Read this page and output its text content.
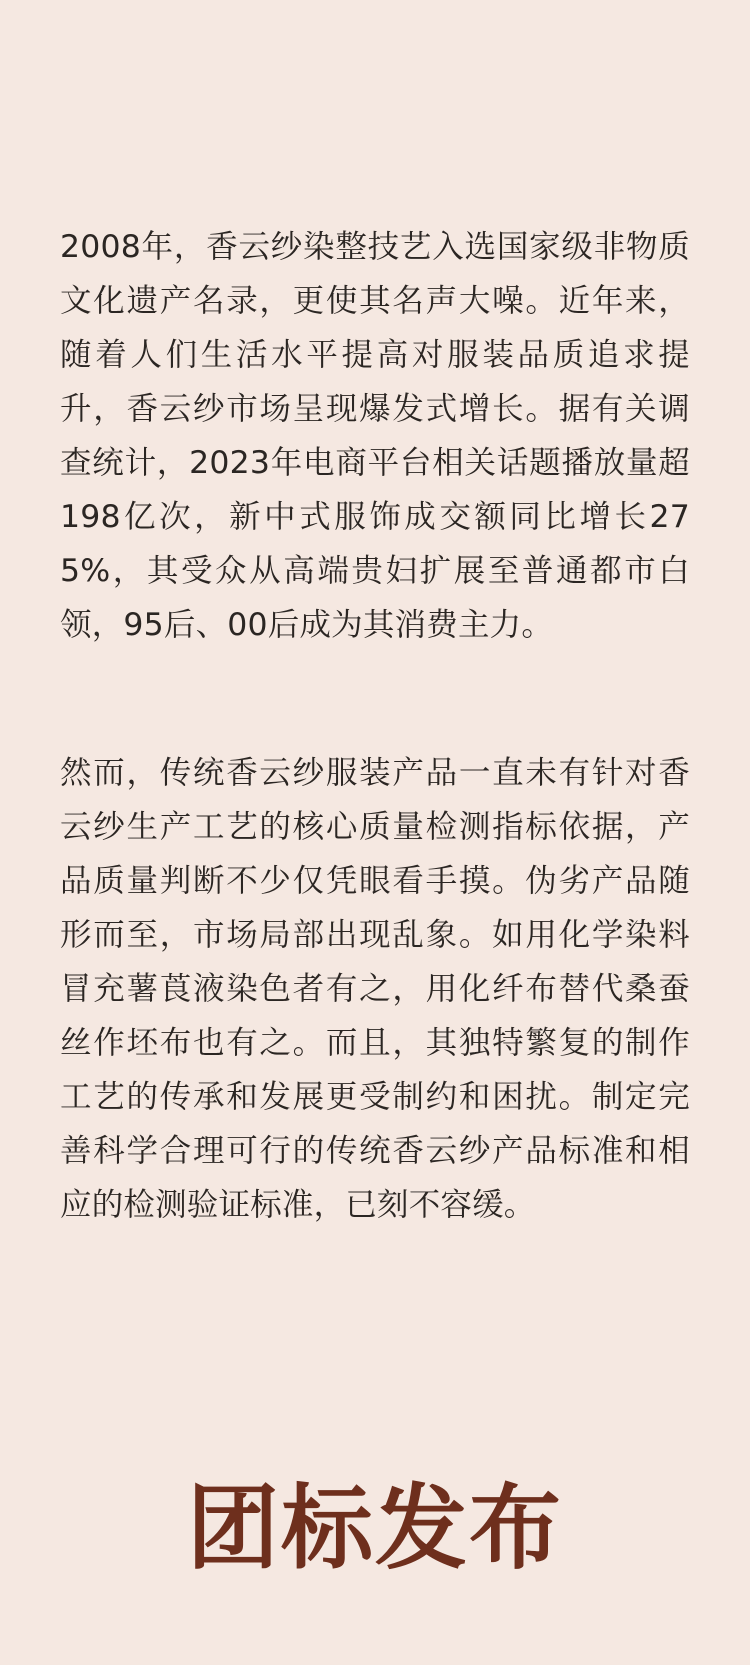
2008年，香云纱染整技艺入选国家级非物质文化遗产名录，更使其名声大噪。近年来，随着人们生活水平提高对服装品质追求提升，香云纱市场呈现爆发式增长。据有关调查统计，2023年电商平台相关话题播放量超198亿次，新中式服饰成交额同比增长275%，其受众从高端贵妇扩展至普通都市白领，95后、00后成为其消费主力。

然而，传统香云纱服装产品一直未有针对香云纱生产工艺的核心质量检测指标依据，产品质量判断不少仅凭眼看手摸。伪劣产品随形而至，市场局部出现乱象。如用化学染料冒充薯莨液染色者有之，用化纤布替代桑蚕丝作坯布也有之。而且，其独特繁复的制作工艺的传承和发展更受制约和困扰。制定完善科学合理可行的传统香云纱产品标准和相应的检测验证标准，已刻不容缓。

团标发布
